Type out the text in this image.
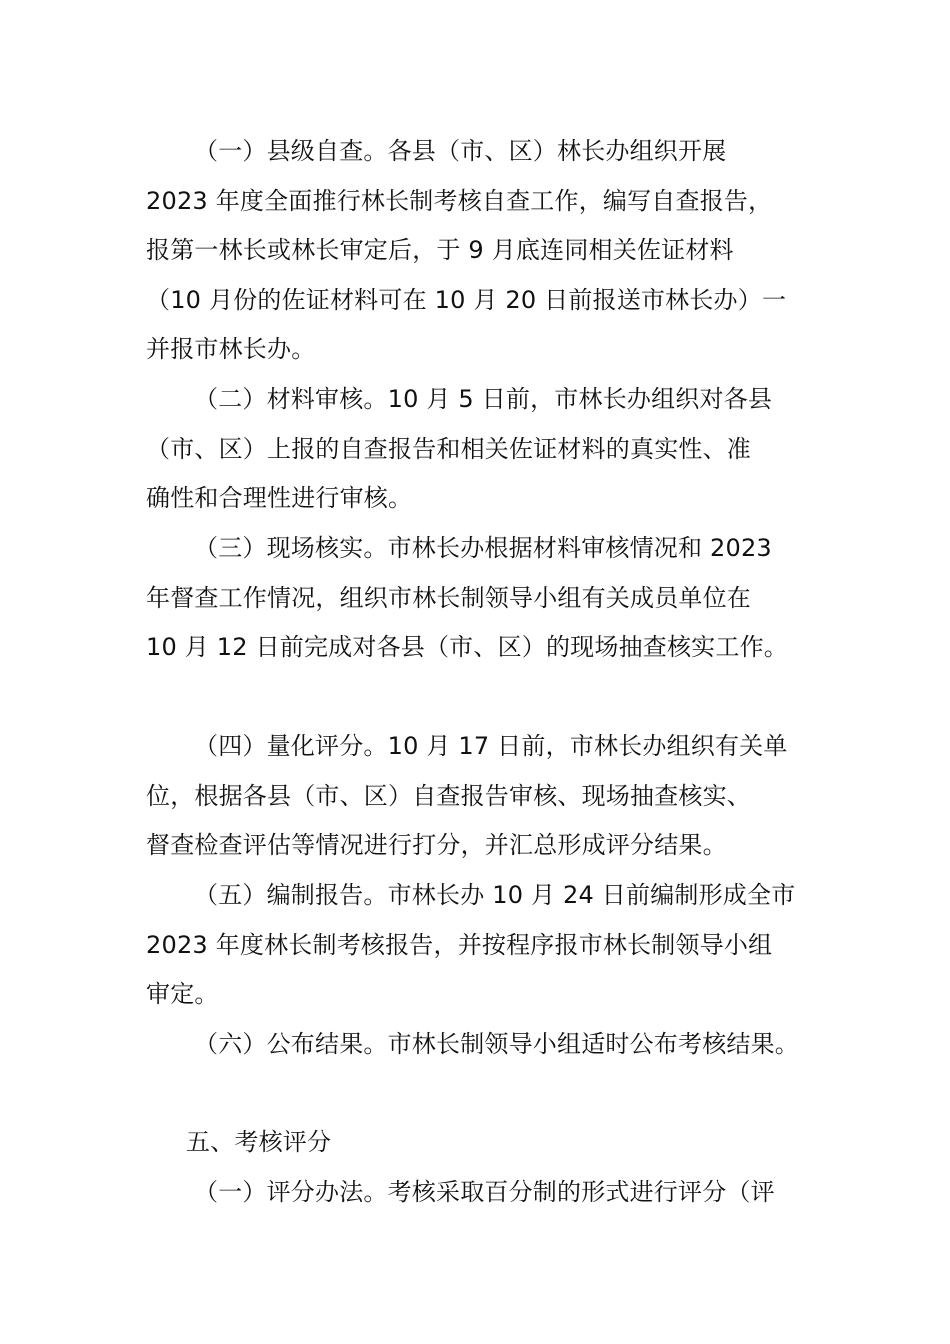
（一）县级自查。各县（市、区）林长办组织开展
2023 年度全面推行林长制考核自查工作，编写自查报告，
报第一林长或林长审定后，于 9 月底连同相关佐证材料
（10 月份的佐证材料可在 10 月 20 日前报送市林长办）一
并报市林长办。
（二）材料审核。10 月 5 日前，市林长办组织对各县
（市、区）上报的自查报告和相关佐证材料的真实性、准
确性和合理性进行审核。
（三）现场核实。市林长办根据材料审核情况和 2023
年督查工作情况，组织市林长制领导小组有关成员单位在
10 月 12 日前完成对各县（市、区）的现场抽查核实工作。
（四）量化评分。10 月 17 日前，市林长办组织有关单
位，根据各县（市、区）自查报告审核、现场抽查核实、
督查检查评估等情况进行打分，并汇总形成评分结果。
（五）编制报告。市林长办 10 月 24 日前编制形成全市
2023 年度林长制考核报告，并按程序报市林长制领导小组
审定。
（六）公布结果。市林长制领导小组适时公布考核结果。
五、考核评分
（一）评分办法。考核采取百分制的形式进行评分（评
